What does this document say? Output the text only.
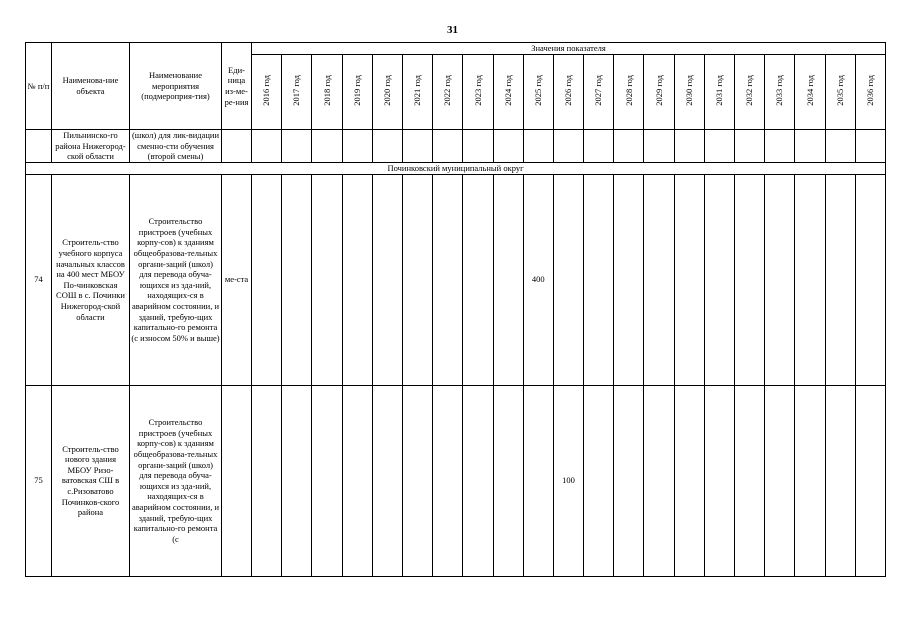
31
№ п/п	Наименова-ние объекта	Наименование мероприятия (подмероприя-тия)	Еди-ница из-ме-ре-ния	Значения показателя																				
				2016 год	2017 год	2018 год	2019 год	2020 год	2021 год	2022 год	2023 год	2024 год	2025 год	2026 год	2027 год	2028 год	2029 год	2030 год	2031 год	2032 год	2033 год	2034 год	2035 год	2036 год
	Пильнинско-го района Нижегород-ской области	(школ) для лик-видации сменно-сти обучения (второй смены)																						
Починковский муниципальный округ																								
74	Строитель-ство учебного корпуса начальных классов на 400 мест МБОУ По-чинковская СОШ в с. Починки Нижегород-ской области	Строительство пристроев (учебных корпу-сов) к зданиям общеобразова-тельных органи-заций (школ) для перевода обуча-ющихся из зда-ний, находящих-ся в аварийном состоянии, и зданий, требую-щих капитально-го ремонта (с износом 50% и выше)	ме-ста										400											
75	Строитель-ство нового здания МБОУ Ризо-ватовская СШ в с.Ризоватово Починков-ского района	Строительство пристроев (учебных корпу-сов) к зданиям общеобразова-тельных органи-заций (школ) для перевода обуча-ющихся из зда-ний, находящих-ся в аварийном состоянии, и зданий, требую-щих капитально-го ремонта (с												100										
